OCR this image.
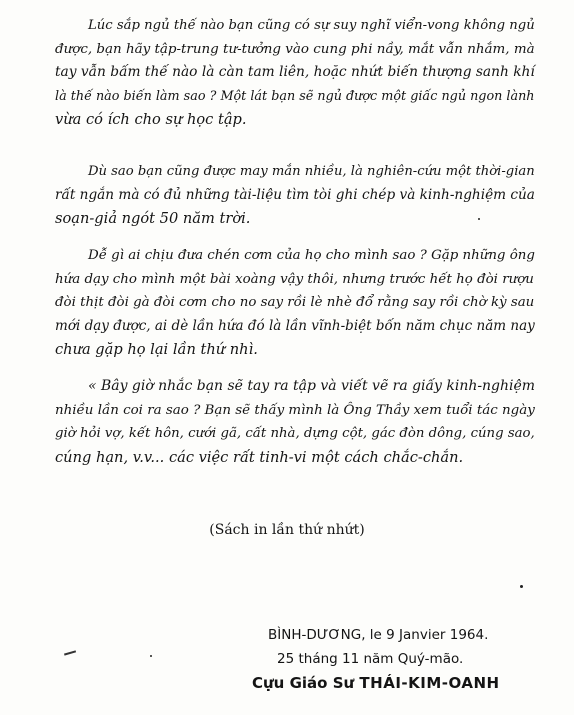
Lúc sắp ngủ thế nào bạn cũng có sự suy nghĩ viển-vong không ngủ
được, bạn hãy tập-trung tư-tưởng vào cung phi nầy, mắt vẫn nhắm, mà
tay vẫn bấm thế nào là càn tam liên, hoặc nhứt biến thượng sanh khí
là thế nào biến làm sao ? Một lát bạn sẽ ngủ được một giấc ngủ ngon lành
vừa có ích cho sự học tập.

Dù sao bạn cũng được may mắn nhiều, là nghiên-cứu một thời-gian
rất ngắn mà có đủ những tài-liệu tìm tòi ghi chép và kinh-nghiệm của
soạn-giả ngót 50 năm trời.

Dễ gì ai chịu đưa chén cơm của họ cho mình sao ? Gặp những ông
hứa dạy cho mình một bài xoàng vậy thôi, nhưng trước hết họ đòi rượu
đòi thịt đòi gà đòi cơm cho no say rồi lè nhè đổ rằng say rồi chờ kỳ sau
mới dạy được, ai dè lần hứa đó là lần vĩnh-biệt bốn năm chục năm nay
chưa gặp họ lại lần thứ nhì.

« Bây giờ nhắc bạn sẽ tay ra tập và viết vẽ ra giấy kinh-nghiệm
nhiều lần coi ra sao ? Bạn sẽ thấy mình là Ông Thầy xem tuổi tác ngày
giờ hỏi vợ, kết hôn, cưới gã, cất nhà, dựng cột, gác đòn dông, cúng sao,
cúng hạn, v.v... các việc rất tinh-vi một cách chắc-chắn.

(Sách in lần thứ nhứt)

BÌNH-DƯƠNG, le 9 Janvier 1964.

25 tháng 11 năm Quý-mão.

Cựu Giáo Sư THÁI-KIM-OANH
